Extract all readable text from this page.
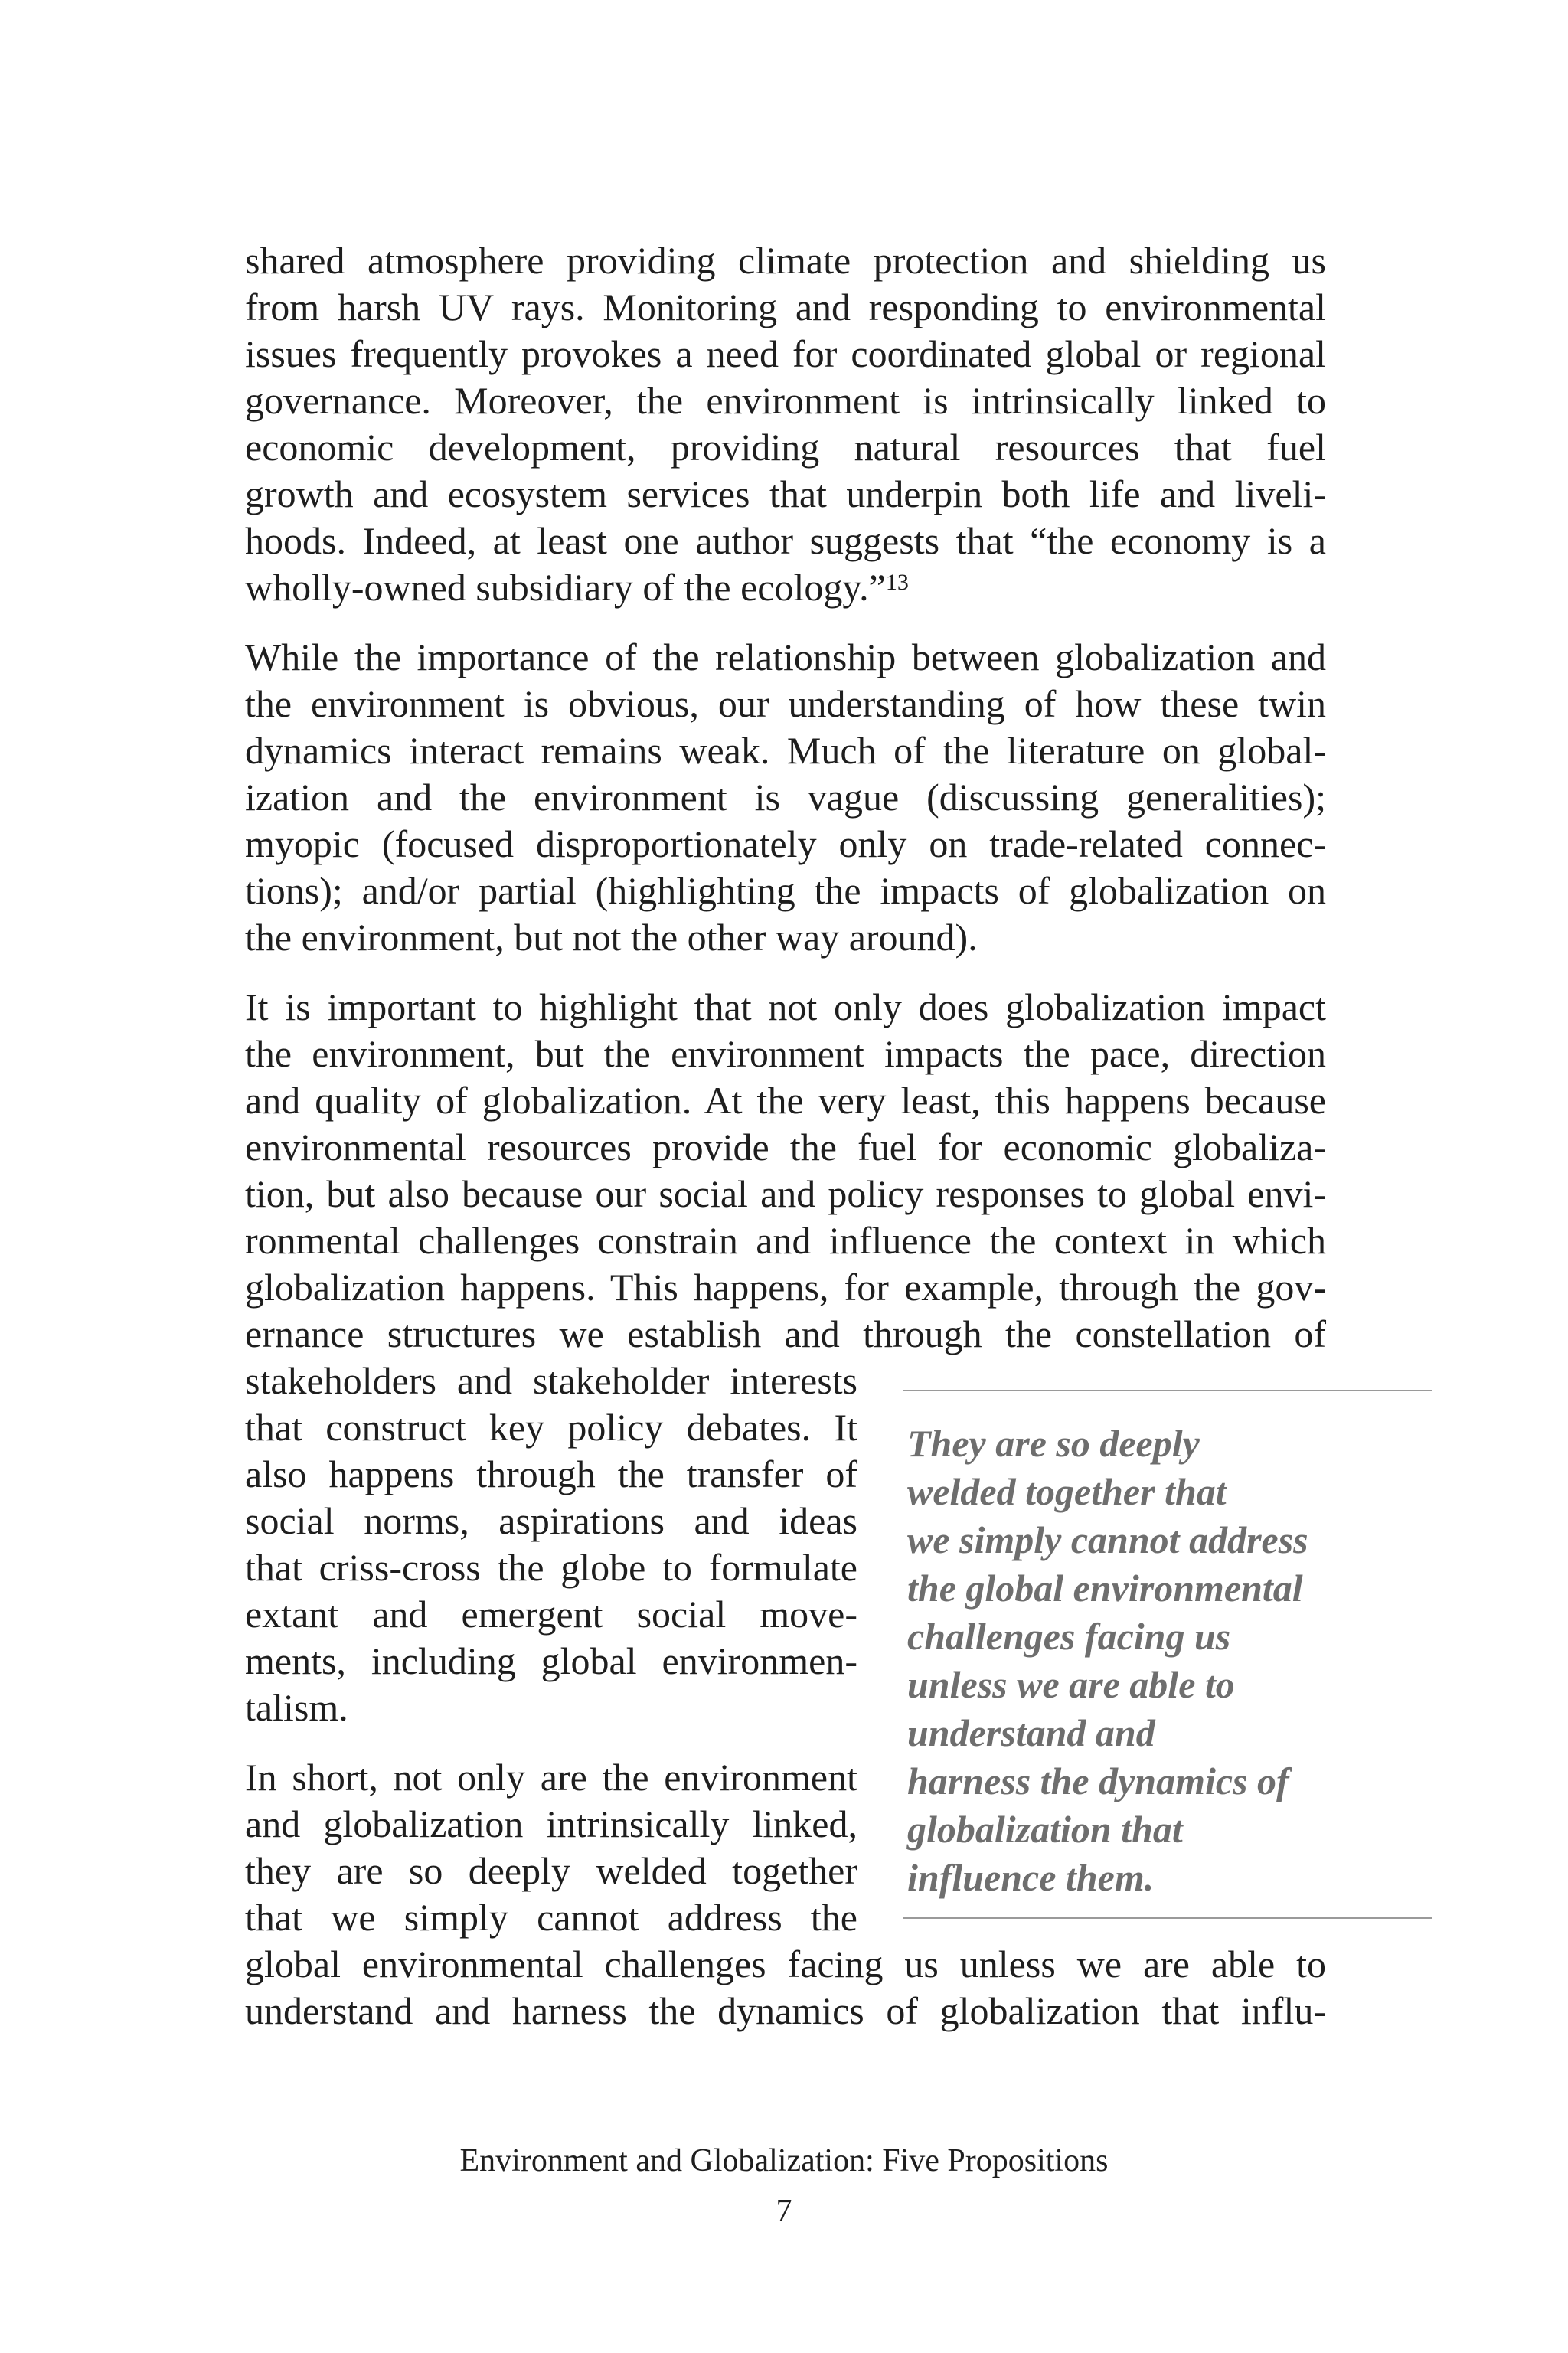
shared atmosphere providing climate protection and shielding us

from harsh UV rays. Monitoring and responding to environmental

issues frequently provokes a need for coordinated global or regional

governance. Moreover, the environment is intrinsically linked to

economic development, providing natural resources that fuel

growth and ecosystem services that underpin both life and liveli-

hoods. Indeed, at least one author suggests that “the economy is a

wholly-owned subsidiary of the ecology.”$^{13}$

While the importance of the relationship between globalization and

the environment is obvious, our understanding of how these twin

dynamics interact remains weak. Much of the literature on global-

ization and the environment is vague (discussing generalities);

myopic (focused disproportionately only on trade-related connec-

tions); and/or partial (highlighting the impacts of globalization on

the environment, but not the other way around).

It is important to highlight that not only does globalization impact

the environment, but the environment impacts the pace, direction

and quality of globalization. At the very least, this happens because

environmental resources provide the fuel for economic globaliza-

tion, but also because our social and policy responses to global envi-

ronmental challenges constrain and influence the context in which

globalization happens. This happens, for example, through the gov-

ernance structures we establish and through the constellation of

stakeholders and stakeholder interests

that construct key policy debates. It

also happens through the transfer of

social norms, aspirations and ideas

that criss-cross the globe to formulate

extant and emergent social move-

ments, including global environmen-

talism.

In short, not only are the environment

and globalization intrinsically linked,

they are so deeply welded together

that we simply cannot address the

global environmental challenges facing us unless we are able to

understand and harness the dynamics of globalization that influ-

They are so deeply

welded together that

we simply cannot address

the global environmental

challenges facing us

unless we are able to

understand and

harness the dynamics of

globalization that

influence them.

Environment and Globalization: Five Propositions

7
